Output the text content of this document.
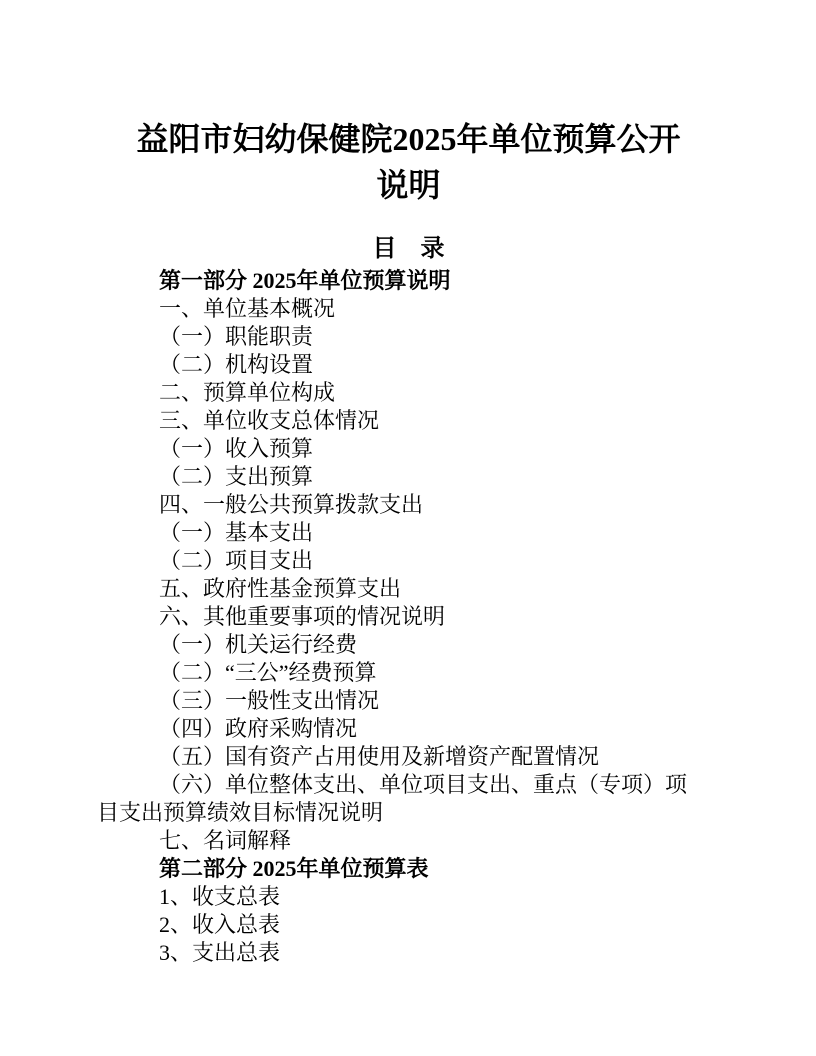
益阳市妇幼保健院2025年单位预算公开
说明
目　录
第一部分 2025年单位预算说明
一、单位基本概况
（一）职能职责
（二）机构设置
二、预算单位构成
三、单位收支总体情况
（一）收入预算
（二）支出预算
四、一般公共预算拨款支出
（一）基本支出
（二）项目支出
五、政府性基金预算支出
六、其他重要事项的情况说明
（一）机关运行经费
（二）“三公”经费预算
（三）一般性支出情况
（四）政府采购情况
（五）国有资产占用使用及新增资产配置情况
（六）单位整体支出、单位项目支出、重点（专项）项
目支出预算绩效目标情况说明
七、名词解释
第二部分 2025年单位预算表
1、收支总表
2、收入总表
3、支出总表
